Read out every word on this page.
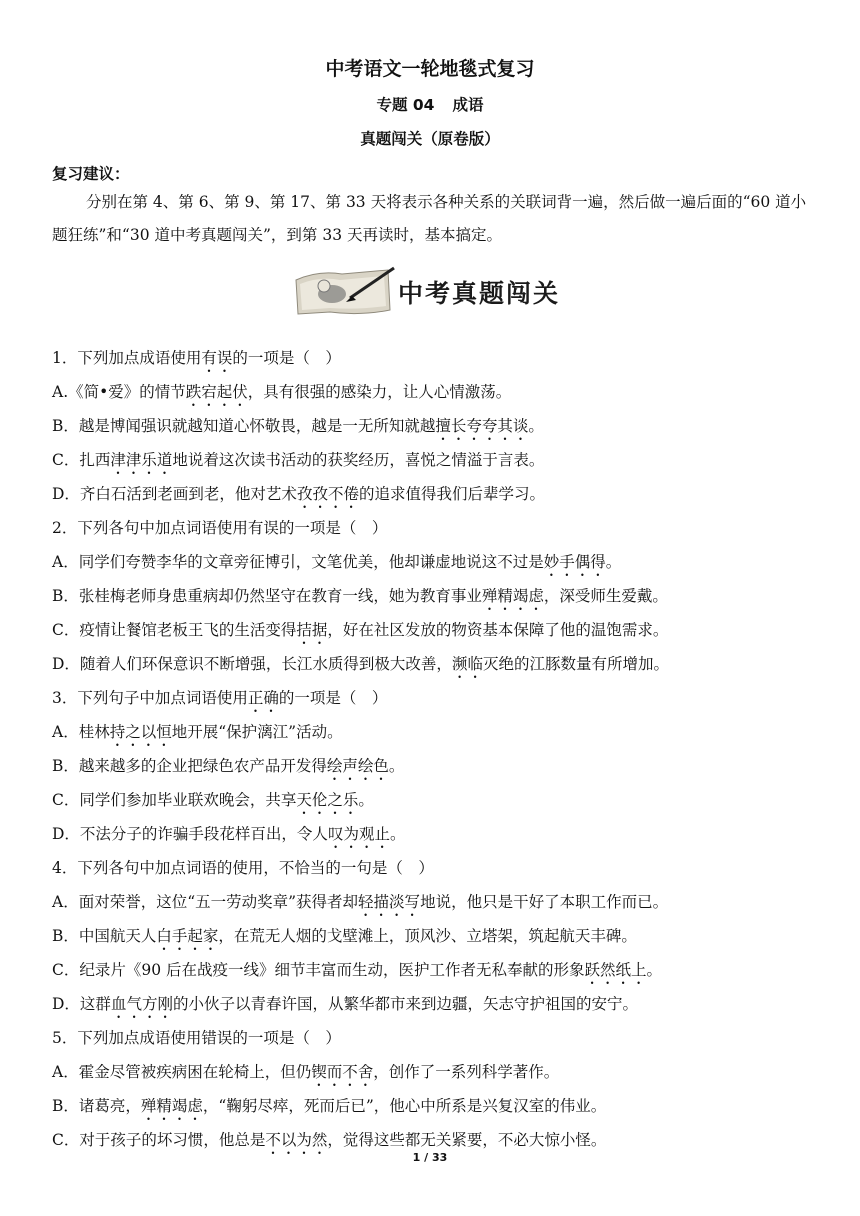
中考语文一轮地毯式复习
专题 04 成语
真题闯关（原卷版）
复习建议：
分别在第 4、第 6、第 9、第 17、第 33 天将表示各种关系的关联词背一遍，然后做一遍后面的“60 道小题狂练”和“30 道中考真题闯关”，到第 33 天再读时，基本搞定。
中考真题闯关
1．下列加点成语使用有误的一项是（　）
A.《简•爱》的情节跌宕起伏，具有很强的感染力，让人心情激荡。
B．越是博闻强识就越知道心怀敬畏，越是一无所知就越擅长夸夸其谈。
C．扎西津津乐道地说着这次读书活动的获奖经历，喜悦之情溢于言表。
D．齐白石活到老画到老，他对艺术孜孜不倦的追求值得我们后辈学习。
2．下列各句中加点词语使用有误的一项是（　）
A．同学们夸赞李华的文章旁征博引，文笔优美，他却谦虚地说这不过是妙手偶得。
B．张桂梅老师身患重病却仍然坚守在教育一线，她为教育事业殚精竭虑，深受师生爱戴。
C．疫情让餐馆老板王飞的生活变得拮据，好在社区发放的物资基本保障了他的温饱需求。
D．随着人们环保意识不断增强，长江水质得到极大改善，濒临灭绝的江豚数量有所增加。
3．下列句子中加点词语使用正确的一项是（　）
A．桂林持之以恒地开展“保护漓江”活动。
B．越来越多的企业把绿色农产品开发得绘声绘色。
C．同学们参加毕业联欢晚会，共享天伦之乐。
D．不法分子的诈骗手段花样百出，令人叹为观止。
4．下列各句中加点词语的使用，不恰当的一句是（　）
A．面对荣誉，这位“五一劳动奖章”获得者却轻描淡写地说，他只是干好了本职工作而已。
B．中国航天人白手起家，在荒无人烟的戈壁滩上，顶风沙、立塔架，筑起航天丰碑。
C．纪录片《90 后在战疫一线》细节丰富而生动，医护工作者无私奉献的形象跃然纸上。
D．这群血气方刚的小伙子以青春许国，从繁华都市来到边疆，矢志守护祖国的安宁。
5．下列加点成语使用错误的一项是（　）
A．霍金尽管被疾病困在轮椅上，但仍锲而不舍，创作了一系列科学著作。
B．诸葛亮，殚精竭虑，“鞠躬尽瘁，死而后已”，他心中所系是兴复汉室的伟业。
C．对于孩子的坏习惯，他总是不以为然，觉得这些都无关紧要，不必大惊小怪。
1 / 33
